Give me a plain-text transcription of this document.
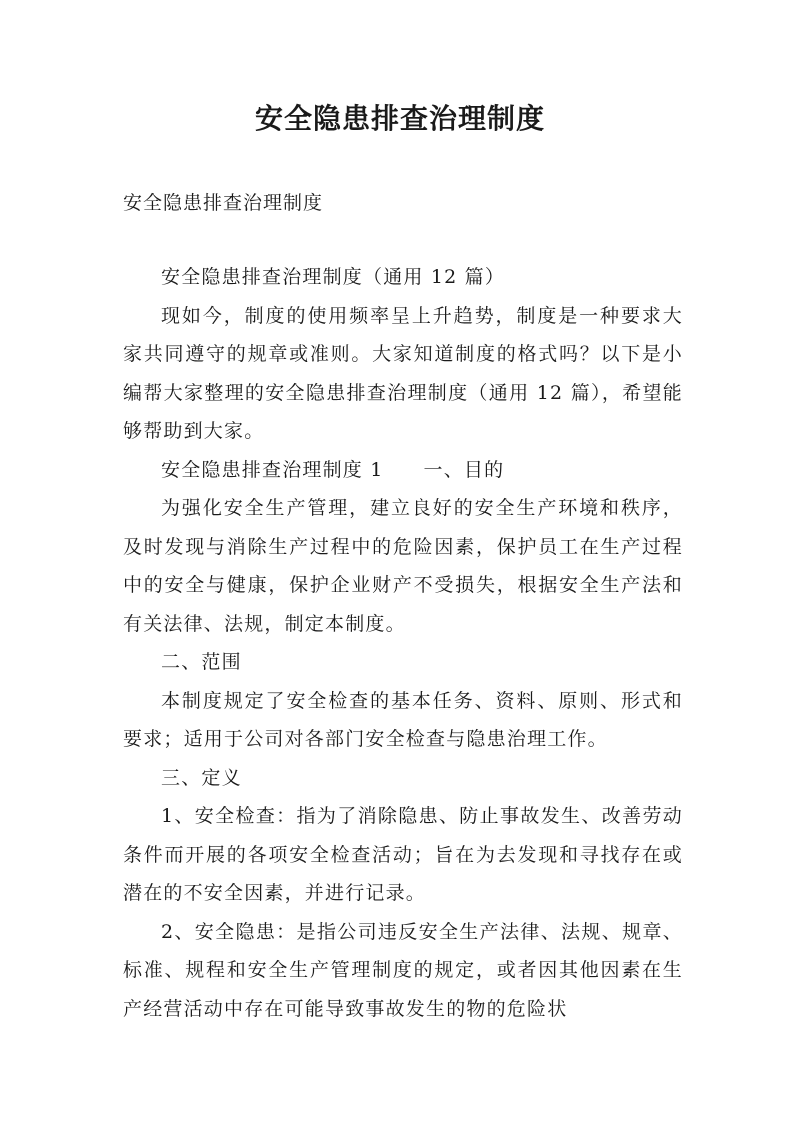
安全隐患排查治理制度

安全隐患排查治理制度

安全隐患排查治理制度（通用 12 篇）

现如今，制度的使用频率呈上升趋势，制度是一种要求大家共同遵守的规章或准则。大家知道制度的格式吗？以下是小编帮大家整理的安全隐患排查治理制度（通用 12 篇），希望能够帮助到大家。

安全隐患排查治理制度 1 一、目的

为强化安全生产管理，建立良好的安全生产环境和秩序，及时发现与消除生产过程中的危险因素，保护员工在生产过程中的安全与健康，保护企业财产不受损失，根据安全生产法和有关法律、法规，制定本制度。

二、范围

本制度规定了安全检查的基本任务、资料、原则、形式和要求；适用于公司对各部门安全检查与隐患治理工作。

三、定义

1、安全检查：指为了消除隐患、防止事故发生、改善劳动条件而开展的各项安全检查活动；旨在为去发现和寻找存在或潜在的不安全因素，并进行记录。

2、安全隐患：是指公司违反安全生产法律、法规、规章、标准、规程和安全生产管理制度的规定，或者因其他因素在生产经营活动中存在可能导致事故发生的物的危险状
